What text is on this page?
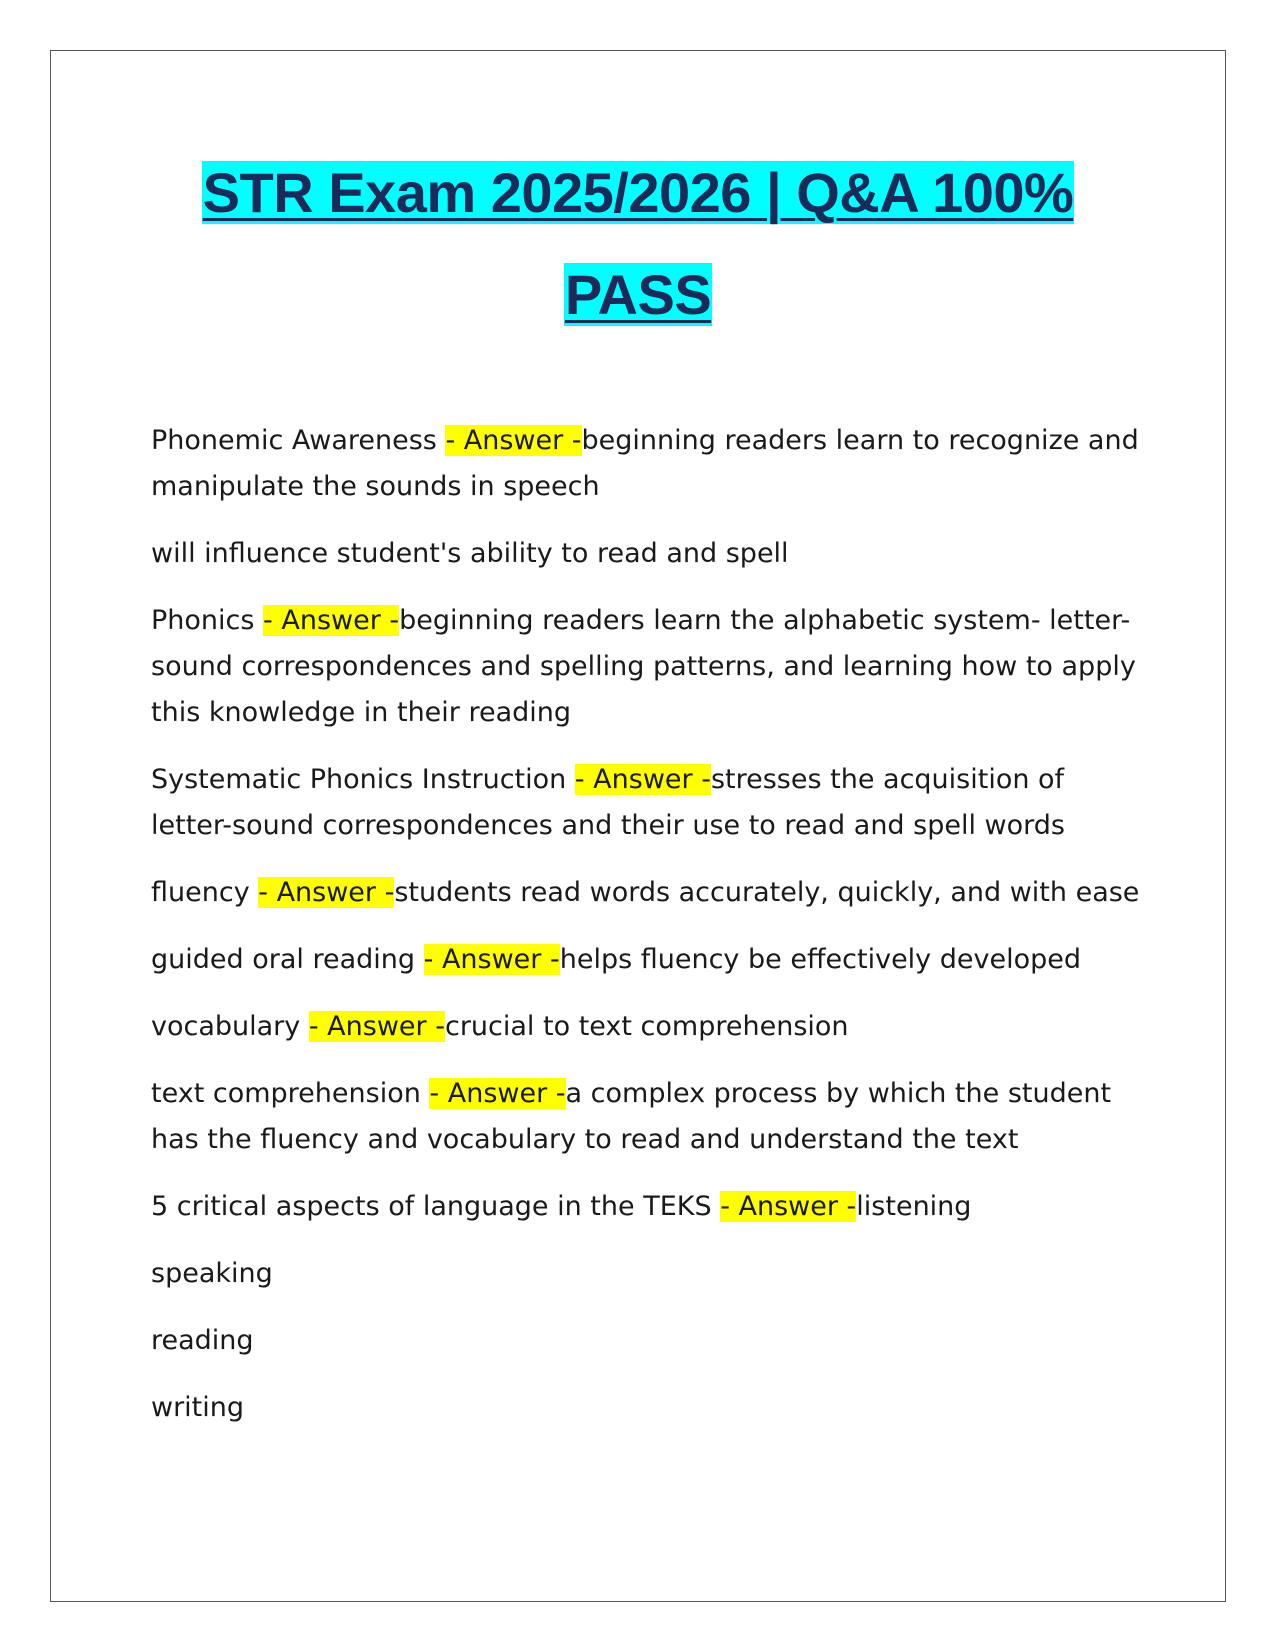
STR Exam 2025/2026 | Q&A 100%
PASS

Phonemic Awareness - Answer -beginning readers learn to recognize and manipulate the sounds in speech

will influence student's ability to read and spell

Phonics - Answer -beginning readers learn the alphabetic system- letter-sound correspondences and spelling patterns, and learning how to apply this knowledge in their reading

Systematic Phonics Instruction - Answer -stresses the acquisition of letter-sound correspondences and their use to read and spell words

fluency - Answer -students read words accurately, quickly, and with ease

guided oral reading - Answer -helps fluency be effectively developed

vocabulary - Answer -crucial to text comprehension

text comprehension - Answer -a complex process by which the student has the fluency and vocabulary to read and understand the text

5 critical aspects of language in the TEKS - Answer -listening

speaking

reading

writing
